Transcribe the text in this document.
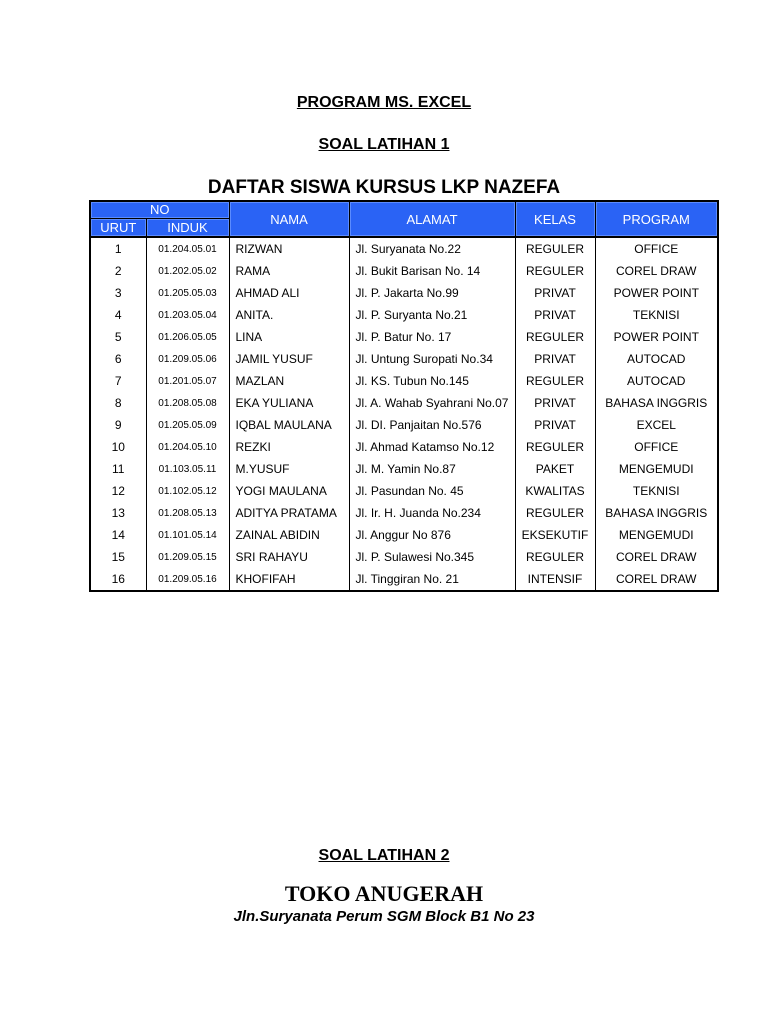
PROGRAM MS. EXCEL
SOAL LATIHAN 1
DAFTAR SISWA KURSUS LKP NAZEFA
NO		NAMA	ALAMAT	KELAS	PROGRAM
URUT	INDUK				
1	01.204.05.01	RIZWAN	Jl. Suryanata No.22	REGULER	OFFICE
2	01.202.05.02	RAMA	Jl. Bukit Barisan No. 14	REGULER	COREL DRAW
3	01.205.05.03	AHMAD ALI	Jl. P. Jakarta No.99	PRIVAT	POWER POINT
4	01.203.05.04	ANITA.	Jl. P. Suryanta No.21	PRIVAT	TEKNISI
5	01.206.05.05	LINA	Jl. P. Batur No. 17	REGULER	POWER POINT
6	01.209.05.06	JAMIL YUSUF	Jl. Untung Suropati No.34	PRIVAT	AUTOCAD
7	01.201.05.07	MAZLAN	Jl. KS. Tubun No.145	REGULER	AUTOCAD
8	01.208.05.08	EKA YULIANA	Jl. A. Wahab Syahrani No.07	PRIVAT	BAHASA INGGRIS
9	01.205.05.09	IQBAL MAULANA	Jl. DI. Panjaitan No.576	PRIVAT	EXCEL
10	01.204.05.10	REZKI	Jl. Ahmad Katamso No.12	REGULER	OFFICE
11	01.103.05.11	M.YUSUF	Jl. M. Yamin No.87	PAKET	MENGEMUDI
12	01.102.05.12	YOGI MAULANA	Jl. Pasundan No. 45	KWALITAS	TEKNISI
13	01.208.05.13	ADITYA PRATAMA	Jl. Ir. H. Juanda No.234	REGULER	BAHASA INGGRIS
14	01.101.05.14	ZAINAL ABIDIN	Jl. Anggur No 876	EKSEKUTIF	MENGEMUDI
15	01.209.05.15	SRI RAHAYU	Jl. P. Sulawesi No.345	REGULER	COREL DRAW
16	01.209.05.16	KHOFIFAH	Jl. Tinggiran No. 21	INTENSIF	COREL DRAW
SOAL LATIHAN 2
TOKO ANUGERAH
Jln.Suryanata Perum SGM Block B1 No 23
